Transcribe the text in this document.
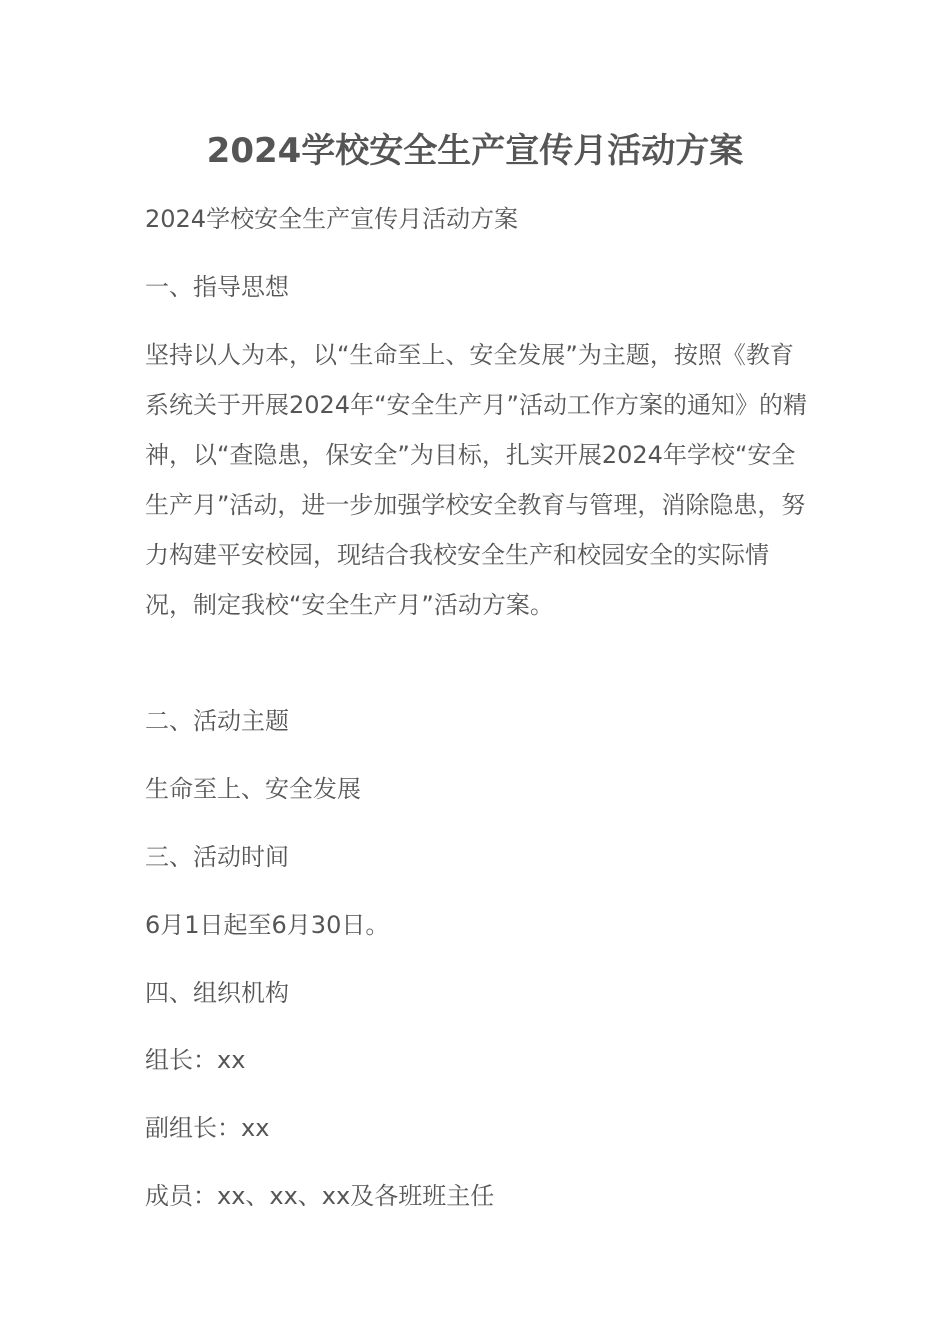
2024学校安全生产宣传月活动方案

2024学校安全生产宣传月活动方案

一、指导思想

坚持以人为本，以“生命至上、安全发展”为主题，按照《教育系统关于开展2024年“安全生产月”活动工作方案的通知》的精神，以“查隐患，保安全”为目标，扎实开展2024年学校“安全生产月”活动，进一步加强学校安全教育与管理，消除隐患，努力构建平安校园，现结合我校安全生产和校园安全的实际情况，制定我校“安全生产月”活动方案。

二、活动主题

生命至上、安全发展

三、活动时间

6月1日起至6月30日。

四、组织机构

组长：xx

副组长：xx

成员：xx、xx、xx及各班班主任
